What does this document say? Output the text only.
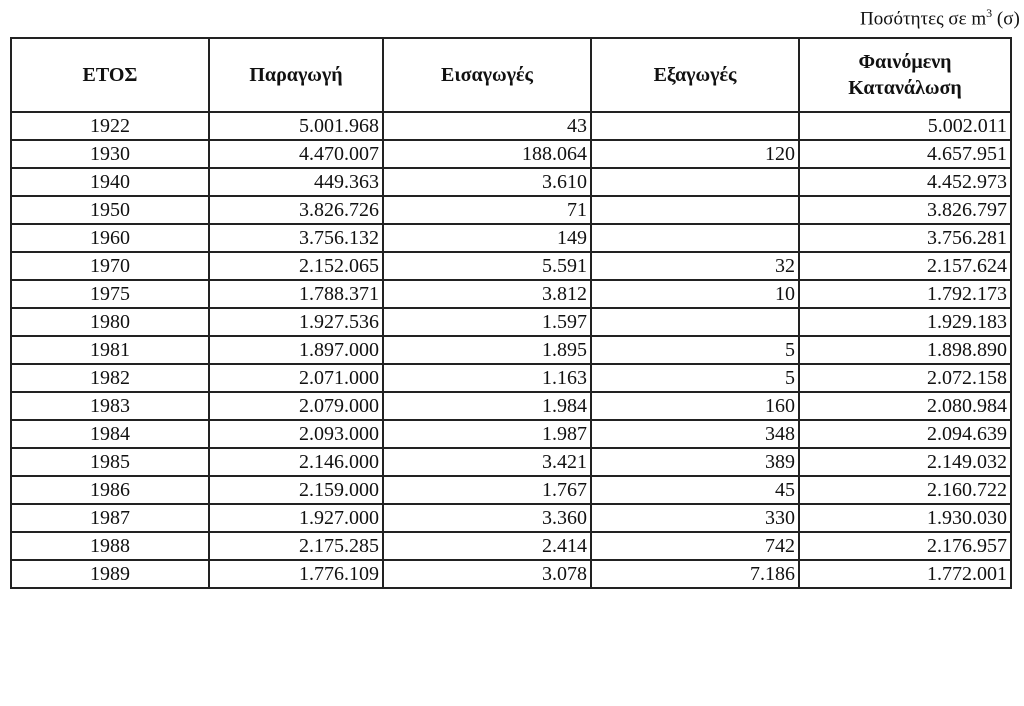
Ποσότητες σε $m^3$ (σ)
ΕΤΟΣ	Παραγωγή	Εισαγωγές	Εξαγωγές	Φαινόμενη
Κατανάλωση
1922	5.001.968	43		5.002.011
1930	4.470.007	188.064	120	4.657.951
1940	449.363	3.610		4.452.973
1950	3.826.726	71		3.826.797
1960	3.756.132	149		3.756.281
1970	2.152.065	5.591	32	2.157.624
1975	1.788.371	3.812	10	1.792.173
1980	1.927.536	1.597		1.929.183
1981	1.897.000	1.895	5	1.898.890
1982	2.071.000	1.163	5	2.072.158
1983	2.079.000	1.984	160	2.080.984
1984	2.093.000	1.987	348	2.094.639
1985	2.146.000	3.421	389	2.149.032
1986	2.159.000	1.767	45	2.160.722
1987	1.927.000	3.360	330	1.930.030
1988	2.175.285	2.414	742	2.176.957
1989	1.776.109	3.078	7.186	1.772.001
